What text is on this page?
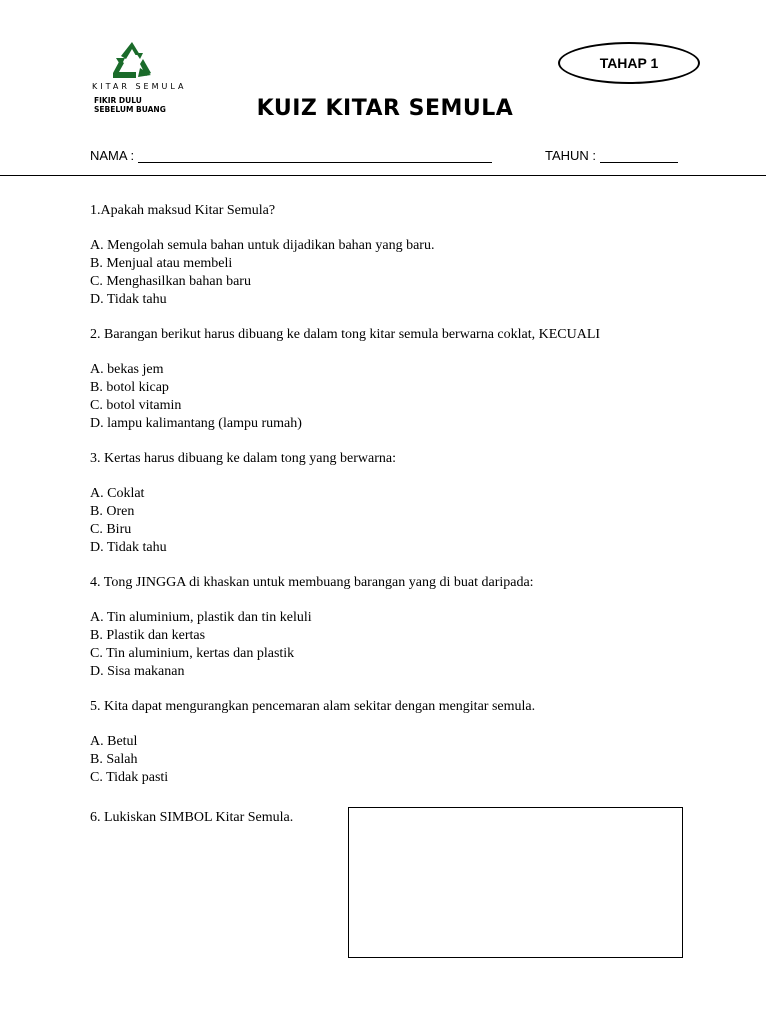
KITAR SEMULA
FIKIR DULU
SEBELUM BUANG
TAHAP 1
KUIZ KITAR SEMULA
NAMA :	TAHUN :
1.Apakah maksud Kitar Semula?
A. Mengolah semula bahan untuk dijadikan bahan yang baru.
B. Menjual atau membeli
C. Menghasilkan bahan baru
D. Tidak tahu
2. Barangan berikut harus dibuang ke dalam tong kitar semula berwarna coklat, KECUALI
A. bekas jem
B. botol kicap
C. botol vitamin
D. lampu kalimantang (lampu rumah)
3. Kertas harus dibuang ke dalam tong yang berwarna:
A. Coklat
B. Oren
C. Biru
D. Tidak tahu
4. Tong JINGGA di khaskan untuk membuang barangan yang di buat daripada:
A. Tin aluminium, plastik dan tin keluli
B. Plastik dan kertas
C. Tin aluminium, kertas dan plastik
D. Sisa makanan
5. Kita dapat mengurangkan pencemaran alam sekitar dengan mengitar semula.
A. Betul
B. Salah
C. Tidak pasti
6. Lukiskan SIMBOL Kitar Semula.
